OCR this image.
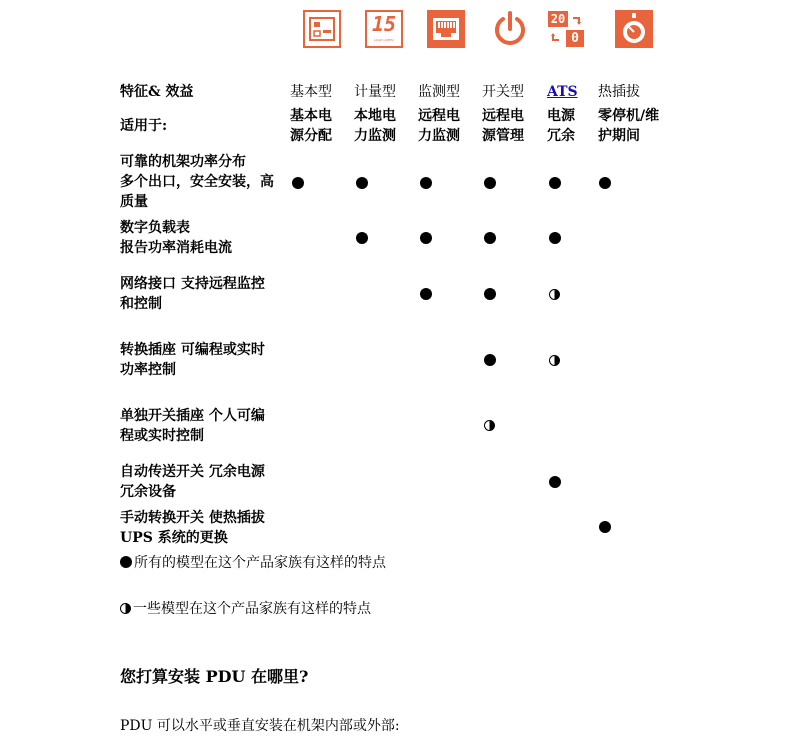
15
LOAD (AMPS)
20
0
特征& 效益	基本型 计量型 监测型 开关型 ATS 热插拔
适用于:
基本电
源分配
本地电
力监测
远程电
力监测
远程电
源管理
电源
冗余
零停机/维
护期间
可靠的机架功率分布
多个出口，安全安装，高
质量
数字负载表
报告功率消耗电流
网络接口 支持远程监控
和控制
转换插座 可编程或实时
功率控制
单独开关插座 个人可编
程或实时控制
自动传送开关 冗余电源
冗余设备
手动转换开关 使热插拔
UPS 系统的更换
所有的模型在这个产品家族有这样的特点
一些模型在这个产品家族有这样的特点
您打算安装 PDU 在哪里?
PDU 可以水平或垂直安装在机架内部或外部:
